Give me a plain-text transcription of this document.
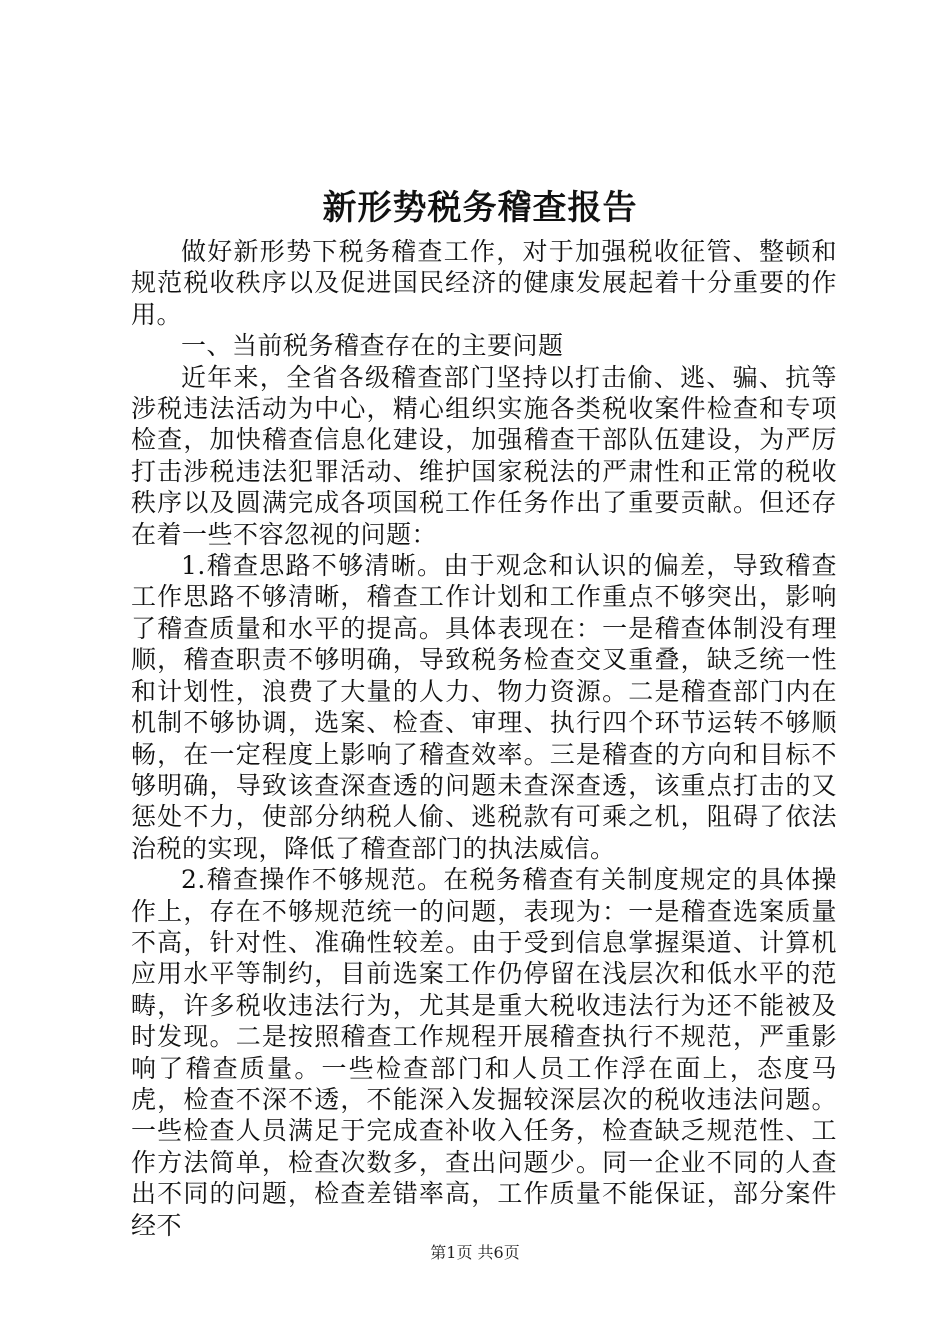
新形势税务稽查报告

做好新形势下税务稽查工作，对于加强税收征管、整顿和规范税收秩序以及促进国民经济的健康发展起着十分重要的作用。

一、当前税务稽查存在的主要问题

近年来，全省各级稽查部门坚持以打击偷、逃、骗、抗等涉税违法活动为中心，精心组织实施各类税收案件检查和专项检查，加快稽查信息化建设，加强稽查干部队伍建设，为严厉打击涉税违法犯罪活动、维护国家税法的严肃性和正常的税收秩序以及圆满完成各项国税工作任务作出了重要贡献。但还存在着一些不容忽视的问题：

1.稽查思路不够清晰。由于观念和认识的偏差，导致稽查工作思路不够清晰，稽查工作计划和工作重点不够突出，影响了稽查质量和水平的提高。具体表现在：一是稽查体制没有理顺，稽查职责不够明确，导致税务检查交叉重叠，缺乏统一性和计划性，浪费了大量的人力、物力资源。二是稽查部门内在机制不够协调，选案、检查、审理、执行四个环节运转不够顺畅，在一定程度上影响了稽查效率。三是稽查的方向和目标不够明确，导致该查深查透的问题未查深查透，该重点打击的又惩处不力，使部分纳税人偷、逃税款有可乘之机，阻碍了依法治税的实现，降低了稽查部门的执法威信。

2.稽查操作不够规范。在税务稽查有关制度规定的具体操作上，存在不够规范统一的问题，表现为：一是稽查选案质量不高，针对性、准确性较差。由于受到信息掌握渠道、计算机应用水平等制约，目前选案工作仍停留在浅层次和低水平的范畴，许多税收违法行为，尤其是重大税收违法行为还不能被及时发现。二是按照稽查工作规程开展稽查执行不规范，严重影响了稽查质量。一些检查部门和人员工作浮在面上，态度马虎，检查不深不透，不能深入发掘较深层次的税收违法问题。一些检查人员满足于完成查补收入任务，检查缺乏规范性、工作方法简单，检查次数多，查出问题少。同一企业不同的人查出不同的问题，检查差错率高，工作质量不能保证，部分案件经不

第1页 共6页
